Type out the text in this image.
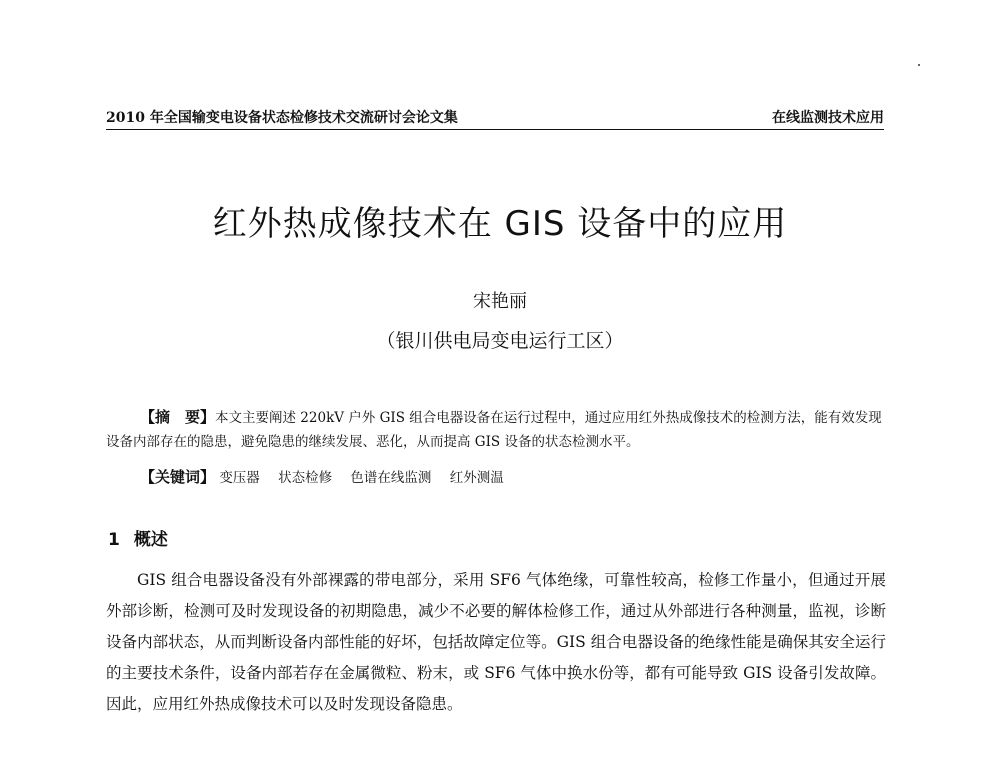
2010 年全国输变电设备状态检修技术交流研讨会论文集	在线监测技术应用
红外热成像技术在 GIS 设备中的应用
宋艳丽
（银川供电局变电运行工区）
【摘　要】本文主要阐述 220kV 户外 GIS 组合电器设备在运行过程中，通过应用红外热成像技术的检测方法，能有效发现设备内部存在的隐患，避免隐患的继续发展、恶化，从而提高 GIS 设备的状态检测水平。
【关键词】 变压器 状态检修 色谱在线监测 红外测温
1 概述
GIS 组合电器设备没有外部裸露的带电部分，采用 SF6 气体绝缘，可靠性较高，检修工作量小，但通过开展外部诊断，检测可及时发现设备的初期隐患，减少不必要的解体检修工作，通过从外部进行各种测量，监视，诊断设备内部状态，从而判断设备内部性能的好坏，包括故障定位等。GIS 组合电器设备的绝缘性能是确保其安全运行的主要技术条件，设备内部若存在金属微粒、粉末，或 SF6 气体中换水份等，都有可能导致 GIS 设备引发故障。因此，应用红外热成像技术可以及时发现设备隐患。
